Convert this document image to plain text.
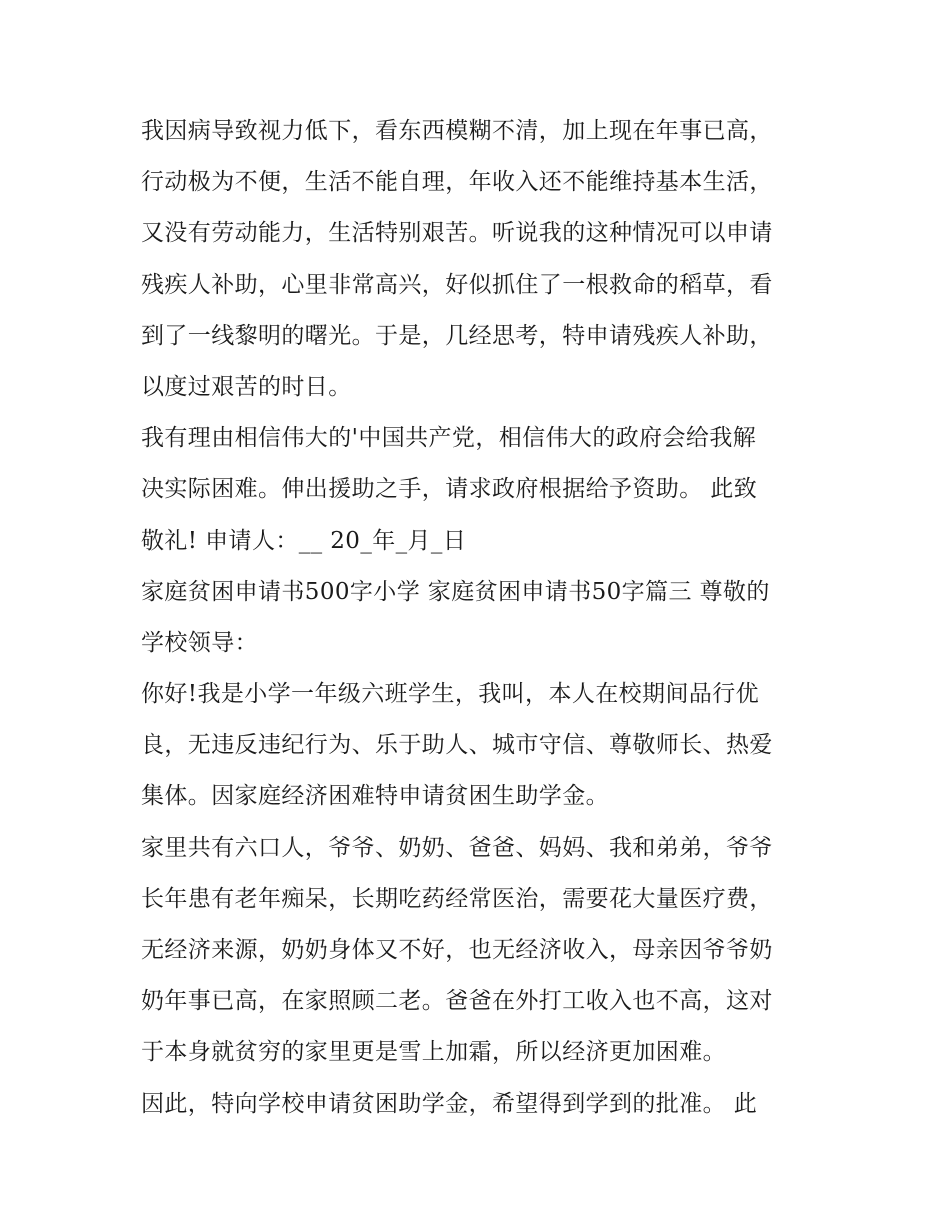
我因病导致视力低下，看东西模糊不清，加上现在年事已高，
行动极为不便，生活不能自理，年收入还不能维持基本生活，
又没有劳动能力，生活特别艰苦。听说我的这种情况可以申请
残疾人补助，心里非常高兴，好似抓住了一根救命的稻草，看
到了一线黎明的曙光。于是，几经思考，特申请残疾人补助，
以度过艰苦的时日。
我有理由相信伟大的'中国共产党，相信伟大的政府会给我解
决实际困难。伸出援助之手，请求政府根据给予资助。 此致
敬礼! 申请人：__ 20_年_月_日
家庭贫困申请书500字小学 家庭贫困申请书50字篇三 尊敬的
学校领导：
你好!我是小学一年级六班学生，我叫，本人在校期间品行优
良，无违反违纪行为、乐于助人、城市守信、尊敬师长、热爱
集体。因家庭经济困难特申请贫困生助学金。
家里共有六口人，爷爷、奶奶、爸爸、妈妈、我和弟弟，爷爷
长年患有老年痴呆，长期吃药经常医治，需要花大量医疗费，
无经济来源，奶奶身体又不好，也无经济收入，母亲因爷爷奶
奶年事已高，在家照顾二老。爸爸在外打工收入也不高，这对
于本身就贫穷的家里更是雪上加霜，所以经济更加困难。
因此，特向学校申请贫困助学金，希望得到学到的批准。 此
